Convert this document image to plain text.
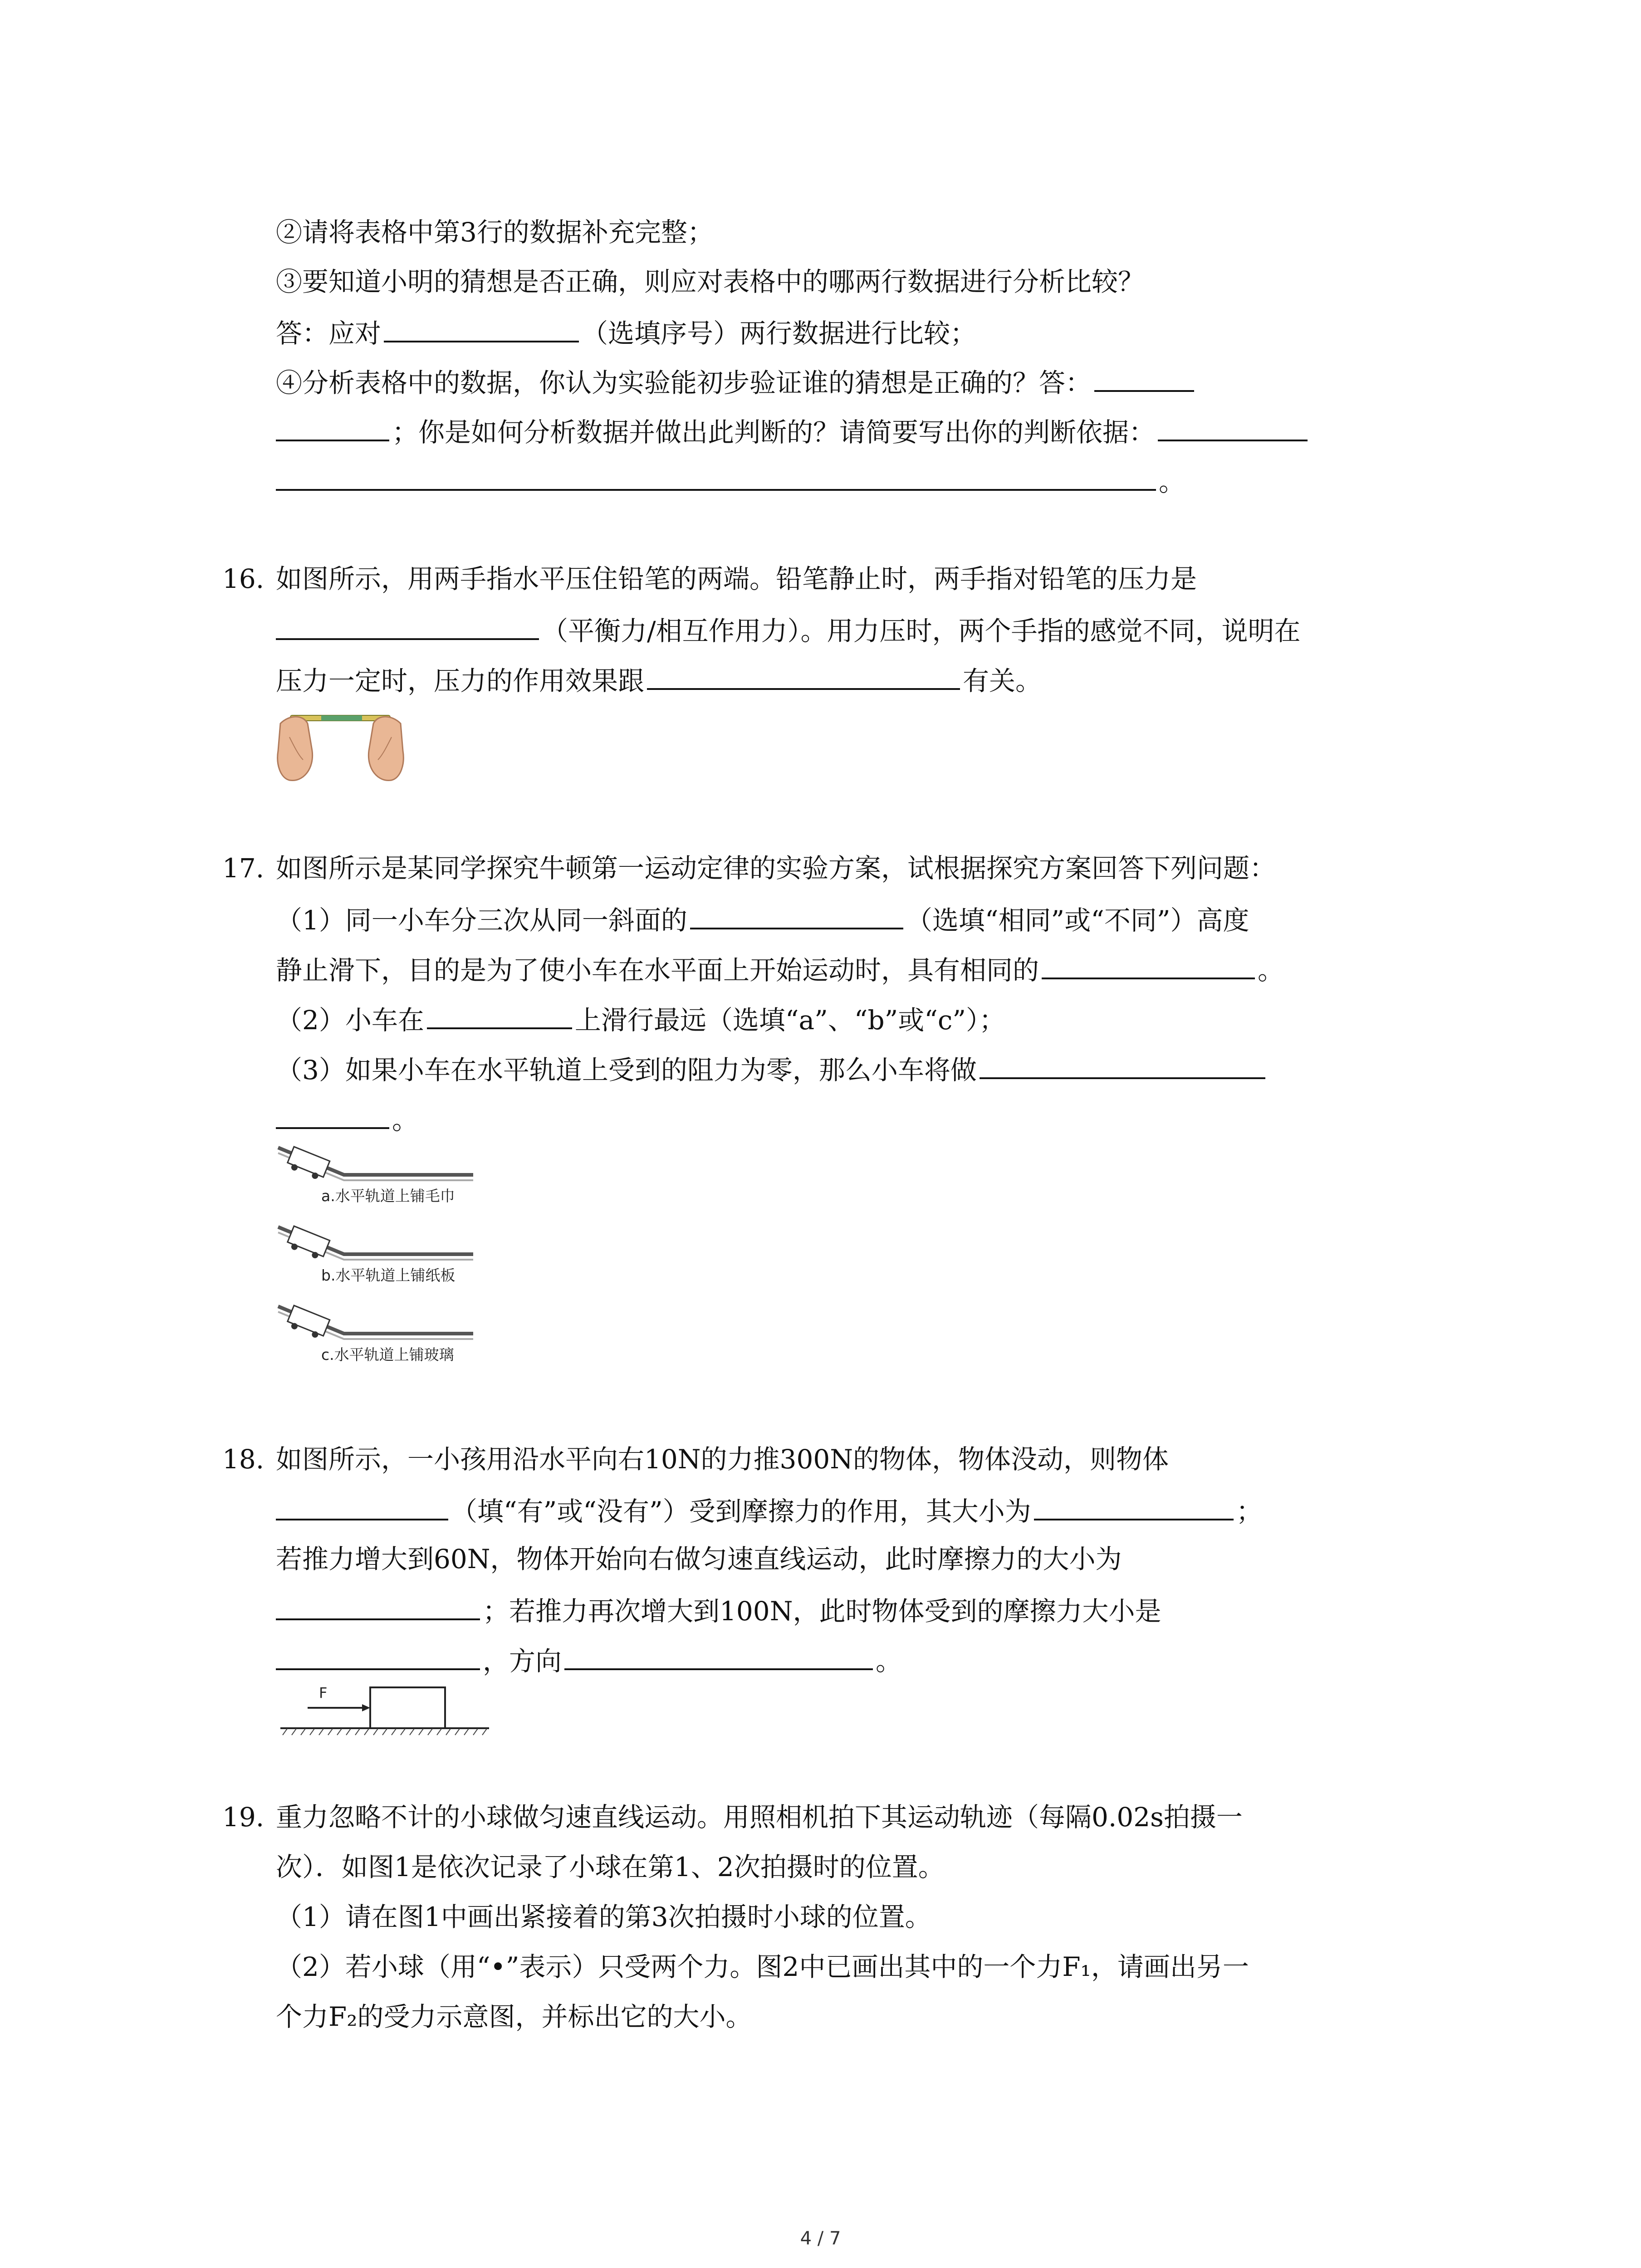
②请将表格中第3行的数据补充完整；
③要知道小明的猜想是否正确，则应对表格中的哪两行数据进行分析比较？
答：应对	（选填序号）两行数据进行比较；
④分析表格中的数据，你认为实验能初步验证谁的猜想是正确的？答：
；你是如何分析数据并做出此判断的？请简要写出你的判断依据：
。
16. 如图所示，用两手指水平压住铅笔的两端。铅笔静止时，两手指对铅笔的压力是
（平衡力/相互作用力）。用力压时，两个手指的感觉不同，说明在
压力一定时，压力的作用效果跟	有关。
17. 如图所示是某同学探究牛顿第一运动定律的实验方案，试根据探究方案回答下列问题：
（1）同一小车分三次从同一斜面的	（选填“相同”或“不同”）高度
静止滑下，目的是为了使小车在水平面上开始运动时，具有相同的	。
（2）小车在	上滑行最远（选填“a”、“b”或“c”）；
（3）如果小车在水平轨道上受到的阻力为零，那么小车将做
。
a.水平轨道上铺毛巾
b.水平轨道上铺纸板
c.水平轨道上铺玻璃
18. 如图所示，一小孩用沿水平向右10N的力推300N的物体，物体没动，则物体
（填“有”或“没有”）受到摩擦力的作用，其大小为	；
若推力增大到60N，物体开始向右做匀速直线运动，此时摩擦力的大小为
；若推力再次增大到100N，此时物体受到的摩擦力大小是
，方向	。
F
19. 重力忽略不计的小球做匀速直线运动。用照相机拍下其运动轨迹（每隔0.02s拍摄一
次）．如图1是依次记录了小球在第1、2次拍摄时的位置。
（1）请在图1中画出紧接着的第3次拍摄时小球的位置。
（2）若小球（用“•”表示）只受两个力。图2中已画出其中的一个力F₁，请画出另一
个力F₂的受力示意图，并标出它的大小。
4 / 7
